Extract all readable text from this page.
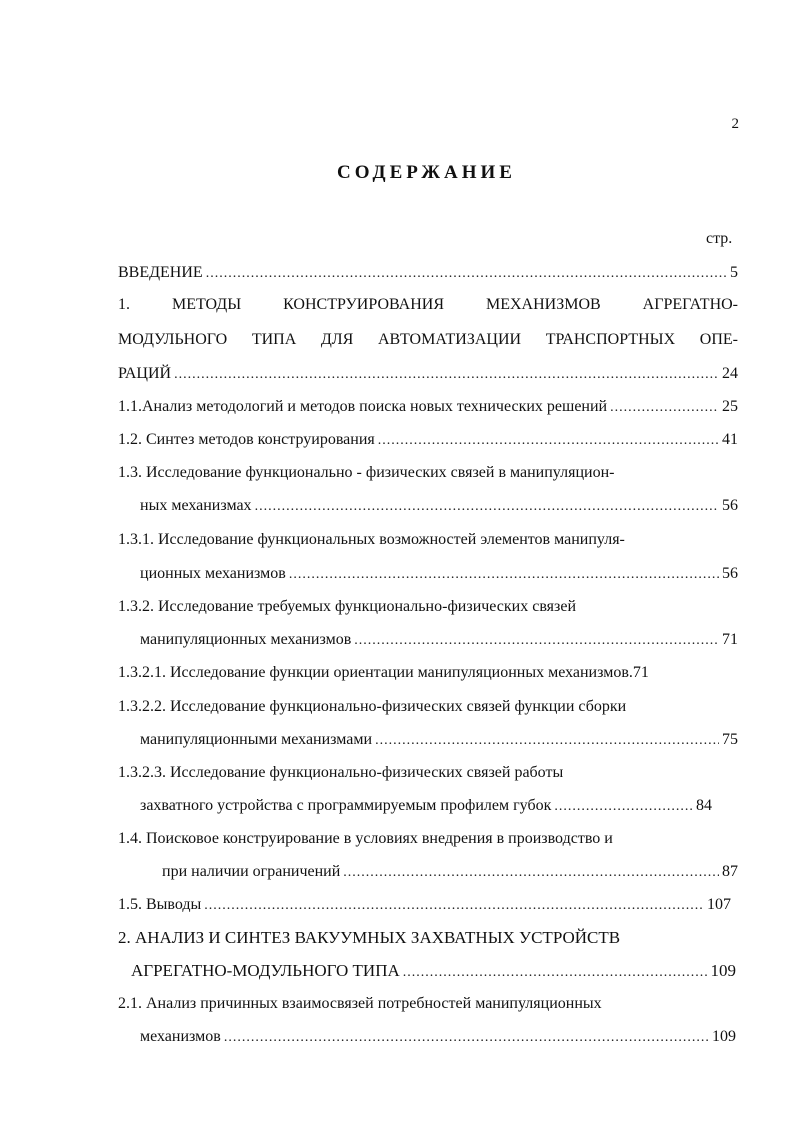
2
СОДЕРЖАНИЕ
стр.
ВВЕДЕНИЕ .....	5
1. МЕТОДЫ КОНСТРУИРОВАНИЯ МЕХАНИЗМОВ АГРЕГАТНО-
МОДУЛЬНОГО ТИПА ДЛЯ АВТОМАТИЗАЦИИ ТРАНСПОРТНЫХ ОПЕ-
РАЦИЙ .....	24
1.1.Анализ методологий и методов поиска новых технических решений .....	25
1.2. Синтез методов конструирования .....	41
1.3. Исследование функционально - физических связей в манипуляцион-
ных механизмах .....	56
1.3.1. Исследование функциональных возможностей элементов манипуля-
ционных механизмов .....	56
1.3.2. Исследование требуемых функционально-физических связей
манипуляционных механизмов .....	71
1.3.2.1. Исследование функции ориентации манипуляционных механизмов. 71
1.3.2.2. Исследование функционально-физических связей функции сборки
манипуляционными механизмами .....	75
1.3.2.3. Исследование функционально-физических связей работы
захватного устройства с программируемым профилем губок .....	84
1.4. Поисковое конструирование в условиях внедрения в производство и
при наличии ограничений .....	87
1.5. Выводы .....	107
2. АНАЛИЗ И СИНТЕЗ ВАКУУМНЫХ ЗАХВАТНЫХ УСТРОЙСТВ
АГРЕГАТНО-МОДУЛЬНОГО ТИПА .....	109
2.1. Анализ причинных взаимосвязей потребностей манипуляционных
механизмов .....	109
